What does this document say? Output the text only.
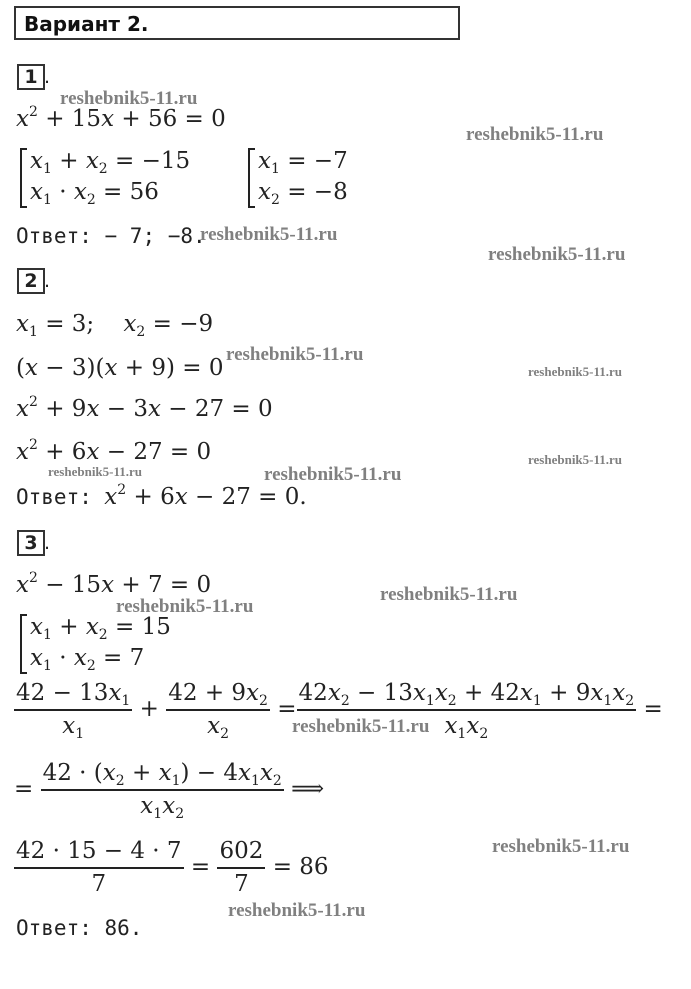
Вариант 2.
1 .
$x^2 + 15x + 56 = 0$
$x_1 + x_2 = -15$
$x_1 \cdot x_2 = 56$
$x_1 = -7$
$x_2 = -8$
Ответ: − 7; −8.
2 .
$x_1 = 3$;    $x_2 = -9$
(x − 3)(x + 9) = 0
$x^2 + 9x - 3x - 27 = 0$
$x^2 + 6x - 27 = 0$
Ответ: $x^2 + 6x - 27 = 0$.
3 .
$x^2 - 15x + 7 = 0$
$x_1 + x_2 = 15$
$x_1 \cdot x_2 = 7$
$\frac{42 - 13x_1}{x_1} + \frac{42 + 9x_2}{x_2} = \frac{42x_2 - 13x_1x_2 + 42x_1 + 9x_1x_2}{x_1x_2}$ =
= $\frac{42 \cdot (x_2 + x_1) - 4x_1x_2}{x_1x_2}$ ⟹
$\frac{42 \cdot 15 - 4 \cdot 7}{7} = \frac{602}{7} = 86$
Ответ: 86.
reshebnik5-11.ru
reshebnik5-11.ru
reshebnik5-11.ru
reshebnik5-11.ru
reshebnik5-11.ru
reshebnik5-11.ru
reshebnik5-11.ru	reshebnik5-11.ru
reshebnik5-11.ru
reshebnik5-11.ru
reshebnik5-11.ru
reshebnik5-11.ru
reshebnik5-11.ru
reshebnik5-11.ru
